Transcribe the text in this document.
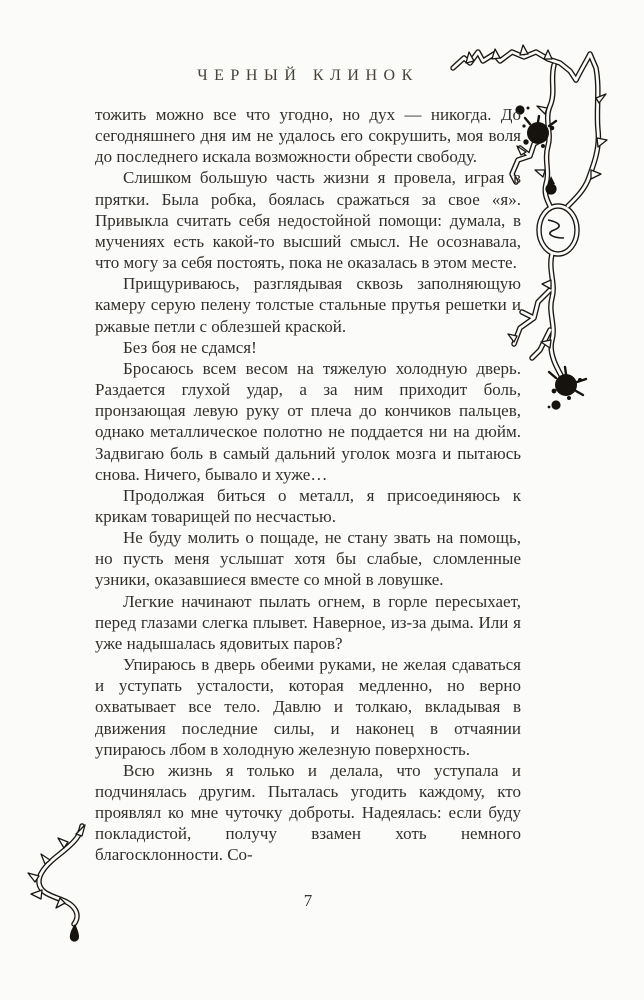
ЧЕРНЫЙ КЛИНОК

тожить можно все что угодно, но дух — никогда. До сегодняшнего дня им не удалось его сокрушить, моя воля до последнего искала возможности обрести свободу.

Слишком большую часть жизни я провела, играя в прятки. Была робка, боялась сражаться за свое «я». Привыкла считать себя недостойной помощи: думала, в мучениях есть какой-то высший смысл. Не осознавала, что могу за себя постоять, пока не оказалась в этом месте.

Прищуриваюсь, разглядывая сквозь заполняющую камеру серую пелену толстые стальные прутья решетки и ржавые петли с облезшей краской.

Без боя не сдамся!

Бросаюсь всем весом на тяжелую холодную дверь. Раздается глухой удар, а за ним приходит боль, пронзающая левую руку от плеча до кончиков пальцев, однако металлическое полотно не поддается ни на дюйм. Задвигаю боль в самый дальний уголок мозга и пытаюсь снова. Ничего, бывало и хуже…

Продолжая биться о металл, я присоединяюсь к крикам товарищей по несчастью.

Не буду молить о пощаде, не стану звать на помощь, но пусть меня услышат хотя бы слабые, сломленные узники, оказавшиеся вместе со мной в ловушке.

Легкие начинают пылать огнем, в горле пересыхает, перед глазами слегка плывет. Наверное, из-за дыма. Или я уже надышалась ядовитых паров?

Упираюсь в дверь обеими руками, не желая сдаваться и уступать усталости, которая медленно, но верно охватывает все тело. Давлю и толкаю, вкладывая в движения последние силы, и наконец в отчаянии упираюсь лбом в холодную железную поверхность.

Всю жизнь я только и делала, что уступала и подчинялась другим. Пыталась угодить каждому, кто проявлял ко мне чуточку доброты. Надеялась: если буду покладистой, получу взамен хоть немного благосклонности. Со-

7
